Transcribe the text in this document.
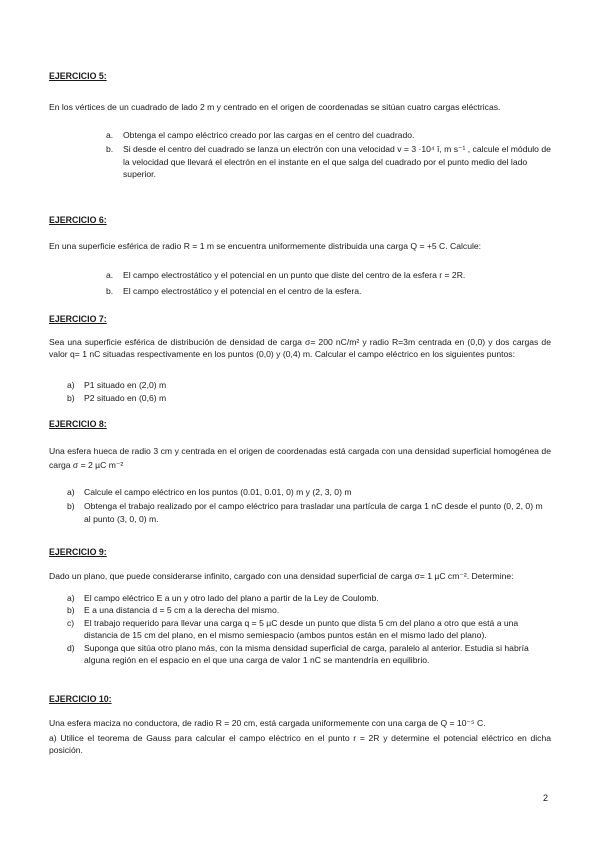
EJERCICIO 5:
En los vértices de un cuadrado de lado 2 m y centrado en el origen de coordenadas se sitúan cuatro cargas eléctricas.
a. Obtenga el campo eléctrico creado por las cargas en el centro del cuadrado.
b. Si desde el centro del cuadrado se lanza un electrón con una velocidad v = 3 ·10⁴ î, m s⁻¹ , calcule el módulo de la velocidad que llevará el electrón en el instante en el que salga del cuadrado por el punto medio del lado superior.
EJERCICIO 6:
En una superficie esférica de radio R = 1 m se encuentra uniformemente distribuida una carga Q = +5 C. Calcule:
a. El campo electrostático y el potencial en un punto que diste del centro de la esfera r = 2R.
b. El campo electrostático y el potencial en el centro de la esfera.
EJERCICIO 7:
Sea una superficie esférica de distribución de densidad de carga σ= 200 nC/m² y radio R=3m centrada en (0,0) y dos cargas de valor q= 1 nC situadas respectivamente en los puntos (0,0) y (0,4) m. Calcular el campo eléctrico en los siguientes puntos:
a) P1 situado en (2,0) m
b) P2 situado en (0,6) m
EJERCICIO 8:
Una esfera hueca de radio 3 cm y centrada en el origen de coordenadas está cargada con una densidad superficial homogénea de carga σ = 2 µC m⁻²
a) Calcule el campo eléctrico en los puntos (0.01, 0.01, 0) m y (2, 3, 0) m
b) Obtenga el trabajo realizado por el campo eléctrico para trasladar una partícula de carga 1 nC desde el punto (0, 2, 0) m al punto (3, 0, 0) m.
EJERCICIO 9:
Dado un plano, que puede considerarse infinito, cargado con una densidad superficial de carga σ= 1 µC cm⁻². Determine:
a) El campo eléctrico E a un y otro lado del plano a partir de la Ley de Coulomb.
b) E a una distancia d = 5 cm a la derecha del mismo.
c) El trabajo requerido para llevar una carga q = 5 µC desde un punto que dista 5 cm del plano a otro que está a una distancia de 15 cm del plano, en el mismo semiespacio (ambos puntos están en el mismo lado del plano).
d) Suponga que sitúa otro plano más, con la misma densidad superficial de carga, paralelo al anterior. Estudia si habría alguna región en el espacio en el que una carga de valor 1 nC se mantendría en equilibrio.
EJERCICIO 10:
Una esfera maciza no conductora, de radio R = 20 cm, está cargada uniformemente con una carga de Q = 10⁻⁵ C.
a) Utilice el teorema de Gauss para calcular el campo eléctrico en el punto r = 2R y determine el potencial eléctrico en dicha posición.
2
